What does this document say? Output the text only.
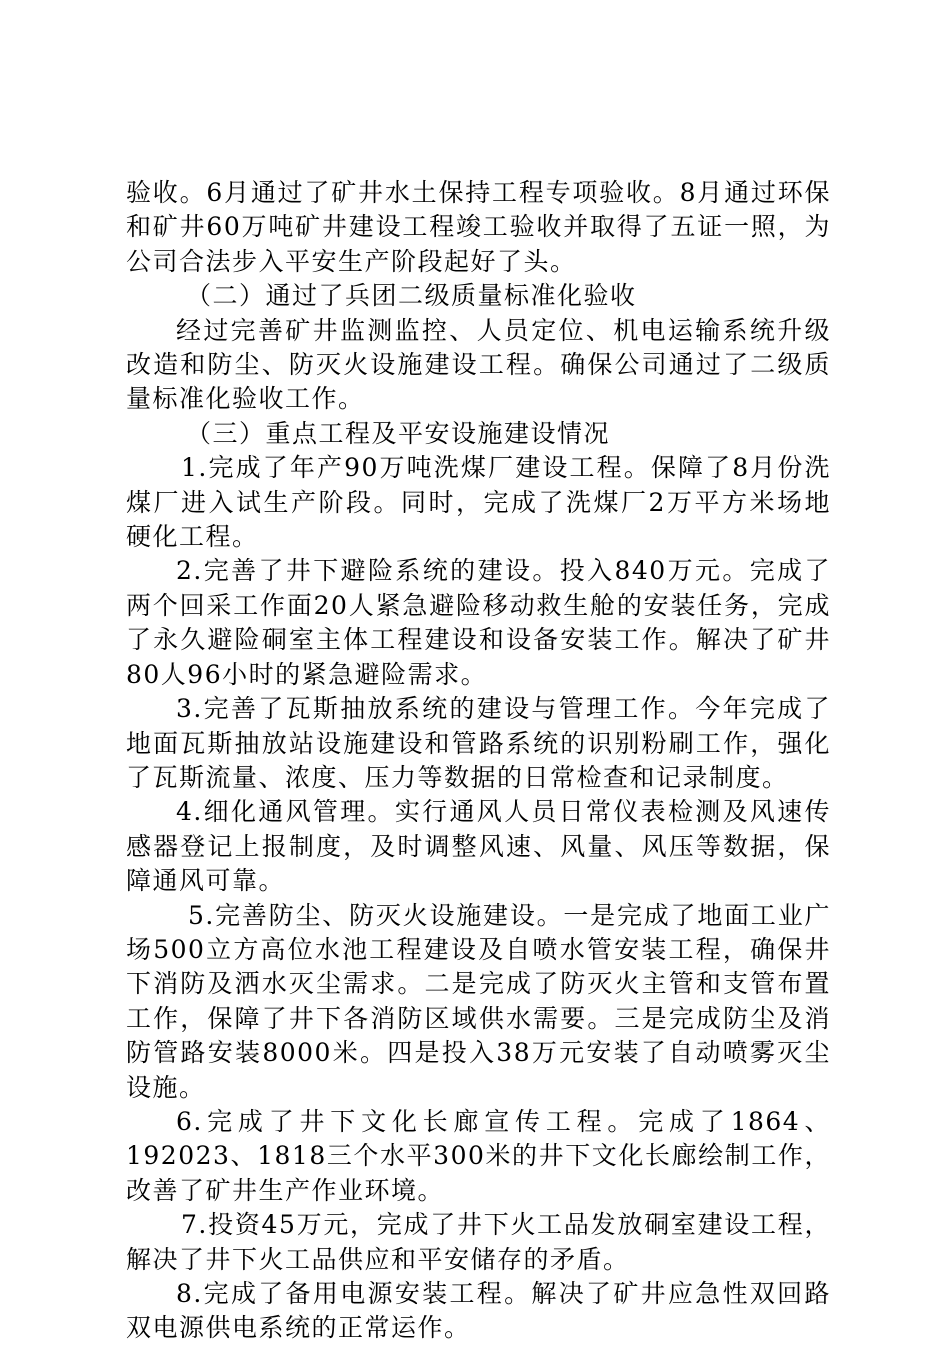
验收。6月通过了矿井水土保持工程专项验收。8月通过环保和矿井60万吨矿井建设工程竣工验收并取得了五证一照，为公司合法步入平安生产阶段起好了头。

（二）通过了兵团二级质量标准化验收

经过完善矿井监测监控、人员定位、机电运输系统升级改造和防尘、防灭火设施建设工程。确保公司通过了二级质量标准化验收工作。

（三）重点工程及平安设施建设情况

1.完成了年产90万吨洗煤厂建设工程。保障了8月份洗煤厂进入试生产阶段。同时，完成了洗煤厂2万平方米场地硬化工程。

2.完善了井下避险系统的建设。投入840万元。完成了两个回采工作面20人紧急避险移动救生舱的安装任务，完成了永久避险硐室主体工程建设和设备安装工作。解决了矿井80人96小时的紧急避险需求。

3.完善了瓦斯抽放系统的建设与管理工作。今年完成了地面瓦斯抽放站设施建设和管路系统的识别粉刷工作，强化了瓦斯流量、浓度、压力等数据的日常检查和记录制度。

4.细化通风管理。实行通风人员日常仪表检测及风速传感器登记上报制度，及时调整风速、风量、风压等数据，保障通风可靠。

5.完善防尘、防灭火设施建设。一是完成了地面工业广场500立方高位水池工程建设及自喷水管安装工程，确保井下消防及洒水灭尘需求。二是完成了防灭火主管和支管布置工作，保障了井下各消防区域供水需要。三是完成防尘及消防管路安装8000米。四是投入38万元安装了自动喷雾灭尘设施。

6.完成了井下文化长廊宣传工程。完成了1864、192023、1818三个水平300米的井下文化长廊绘制工作，改善了矿井生产作业环境。

7.投资45万元，完成了井下火工品发放硐室建设工程，解决了井下火工品供应和平安储存的矛盾。

8.完成了备用电源安装工程。解决了矿井应急性双回路双电源供电系统的正常运作。
